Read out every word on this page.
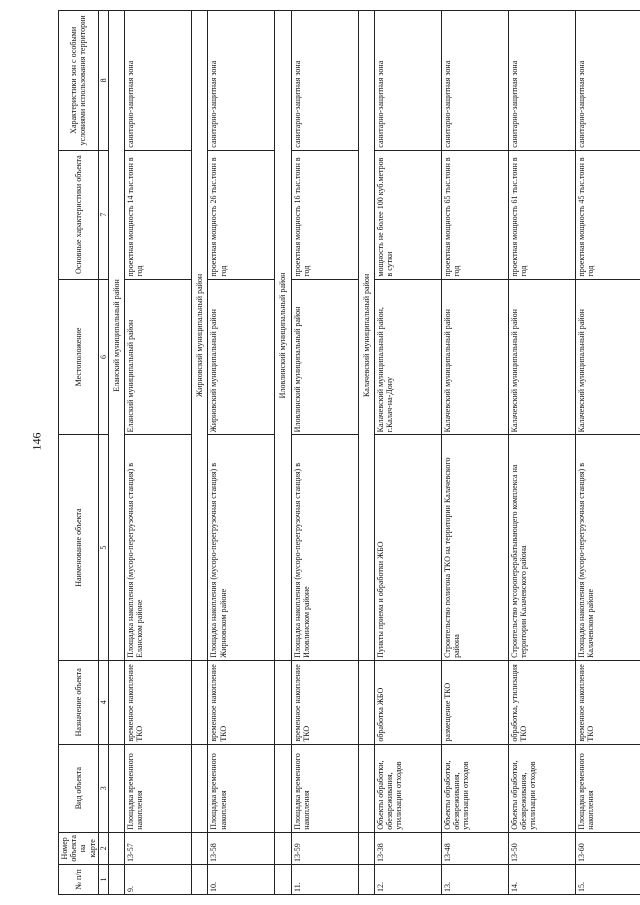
146
№ п/п	Номер объекта на карте	Вид объекта	Назначение объекта	Наименование объекта	Местоположение	Основные характеристики объекта	Характеристики зон с особыми условиями использования территории
1	2	3	4	5	6	7	8
				Еланский муниципальный район			
9.	13-57	Площадка временного накопления	временное накопление ТКО	Площадка накопления (мусоро-перегрузочная станция) в Еланском районе	Еланский муниципальный район	проектная мощность 14 тыс.тонн в год	санитарно-защитная зона
				Жирновский муниципальный район			
10.	13-58	Площадка временного накопления	временное накопление ТКО	Площадка накопления (мусоро-перегрузочная станция) в Жирновском районе	Жирновский муниципальный район	проектная мощность 26 тыс.тонн в год	санитарно-защитная зона
				Иловлинский муниципальный район			
11.	13-59	Площадка временного накопления	временное накопление ТКО	Площадка накопления (мусоро-перегрузочная станция) в Иловлинском районе	Иловлинский муниципальный район	проектная мощность 16 тыс.тонн в год	санитарно-защитная зона
				Калачевский муниципальный район			
12.	13-38	Объекты обработки, обезвреживания, утилизации отходов	обработка ЖБО	Пункты приема и обработки ЖБО	Калачевский муниципальный район, г.Калач-на-Дону	мощность не более 100 куб.метров в сутки	санитарно-защитная зона
13.	13-48	Объекты обработки, обезвреживания, утилизации отходов	размещение ТКО	Строительство полигона ТКО на территории Калачевского района	Калачевский муниципальный район	проектная мощность 65 тыс.тонн в год	санитарно-защитная зона
14.	13-50	Объекты обработки, обезвреживания, утилизации отходов	обработка, утилизация ТКО	Строительство мусороперерабатывающего комплекса на территории Калачевского района	Калачевский муниципальный район	проектная мощность 61 тыс.тонн в год	санитарно-защитная зона
15.	13-60	Площадка временного накопления	временное накопление ТКО	Площадка накопления (мусоро-перегрузочная станция) в Калачевском районе	Калачевский муниципальный район	проектная мощность 45 тыс.тонн в год	санитарно-защитная зона
